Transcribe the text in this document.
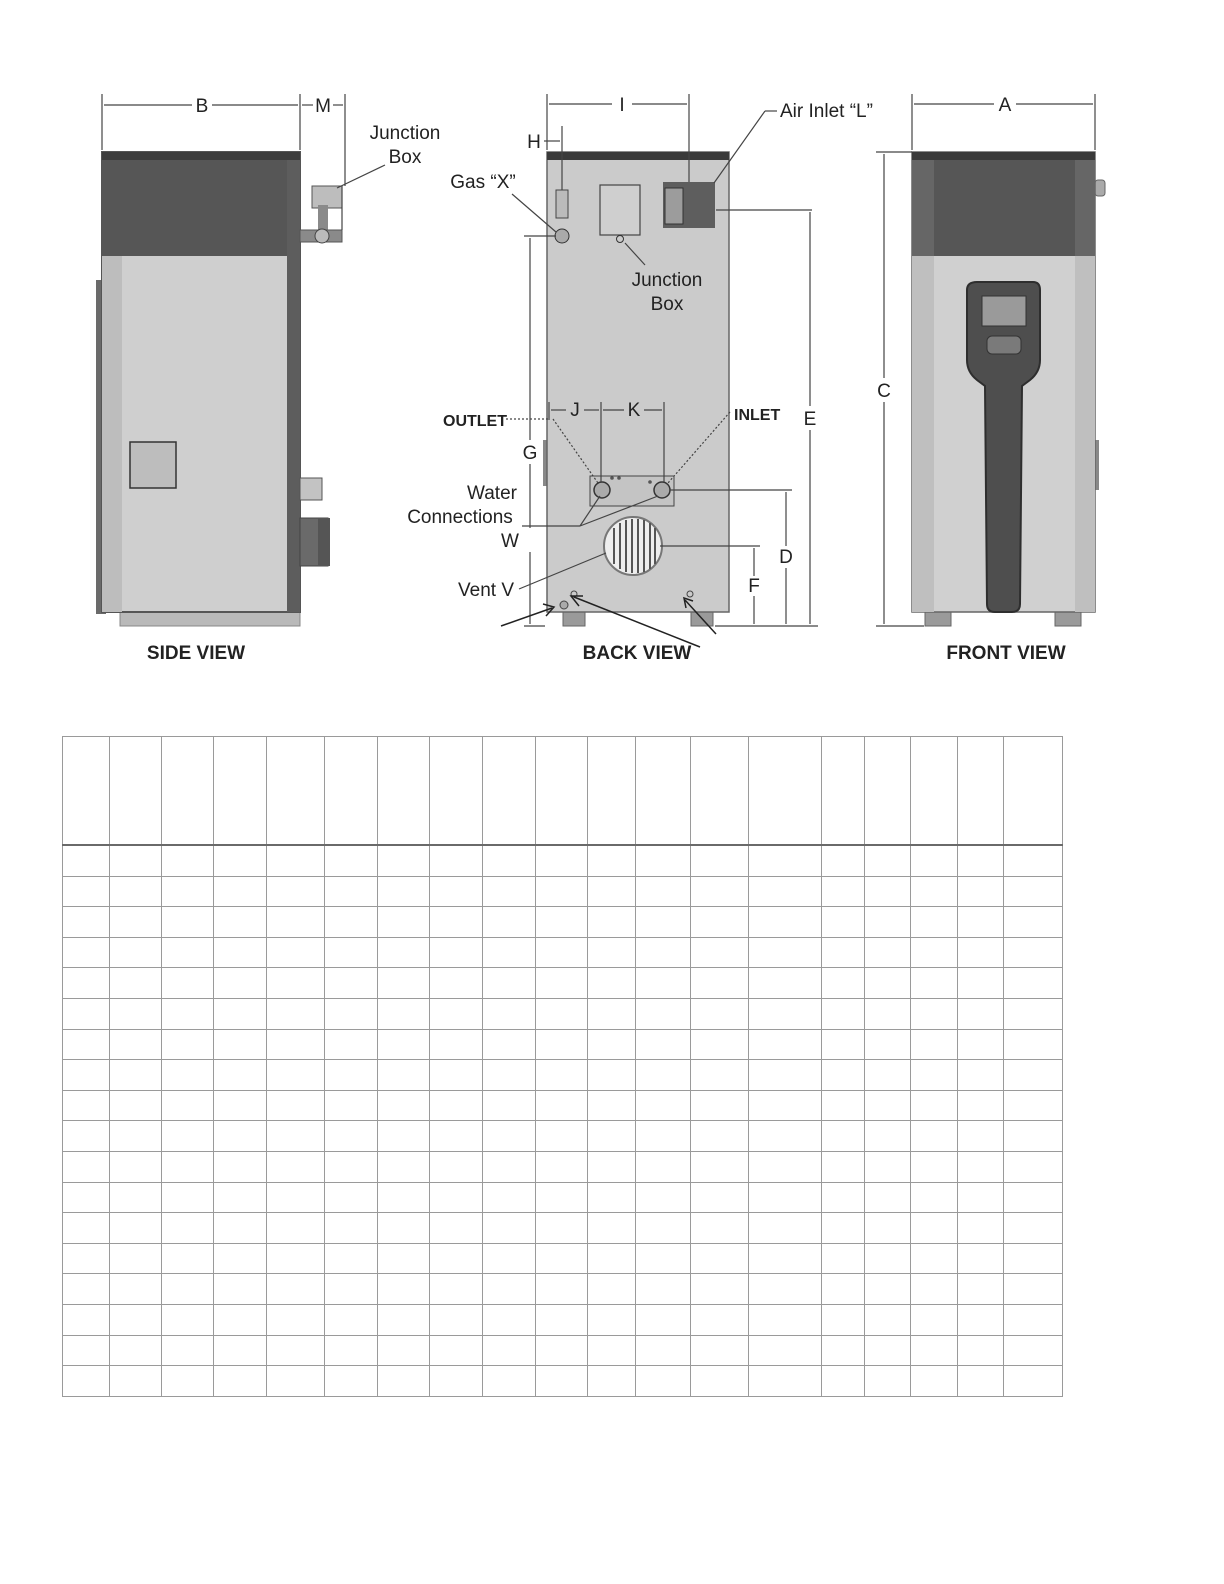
B	M
Junction
Box
SIDE VIEW
I
H
Air Inlet “L”
Gas “X”
Junction
Box
OUTLET	INLET
J	K
G
W
Water
Connections
Vent V
E
D
F
BACK VIEW
A
C
FRONT VIEW
